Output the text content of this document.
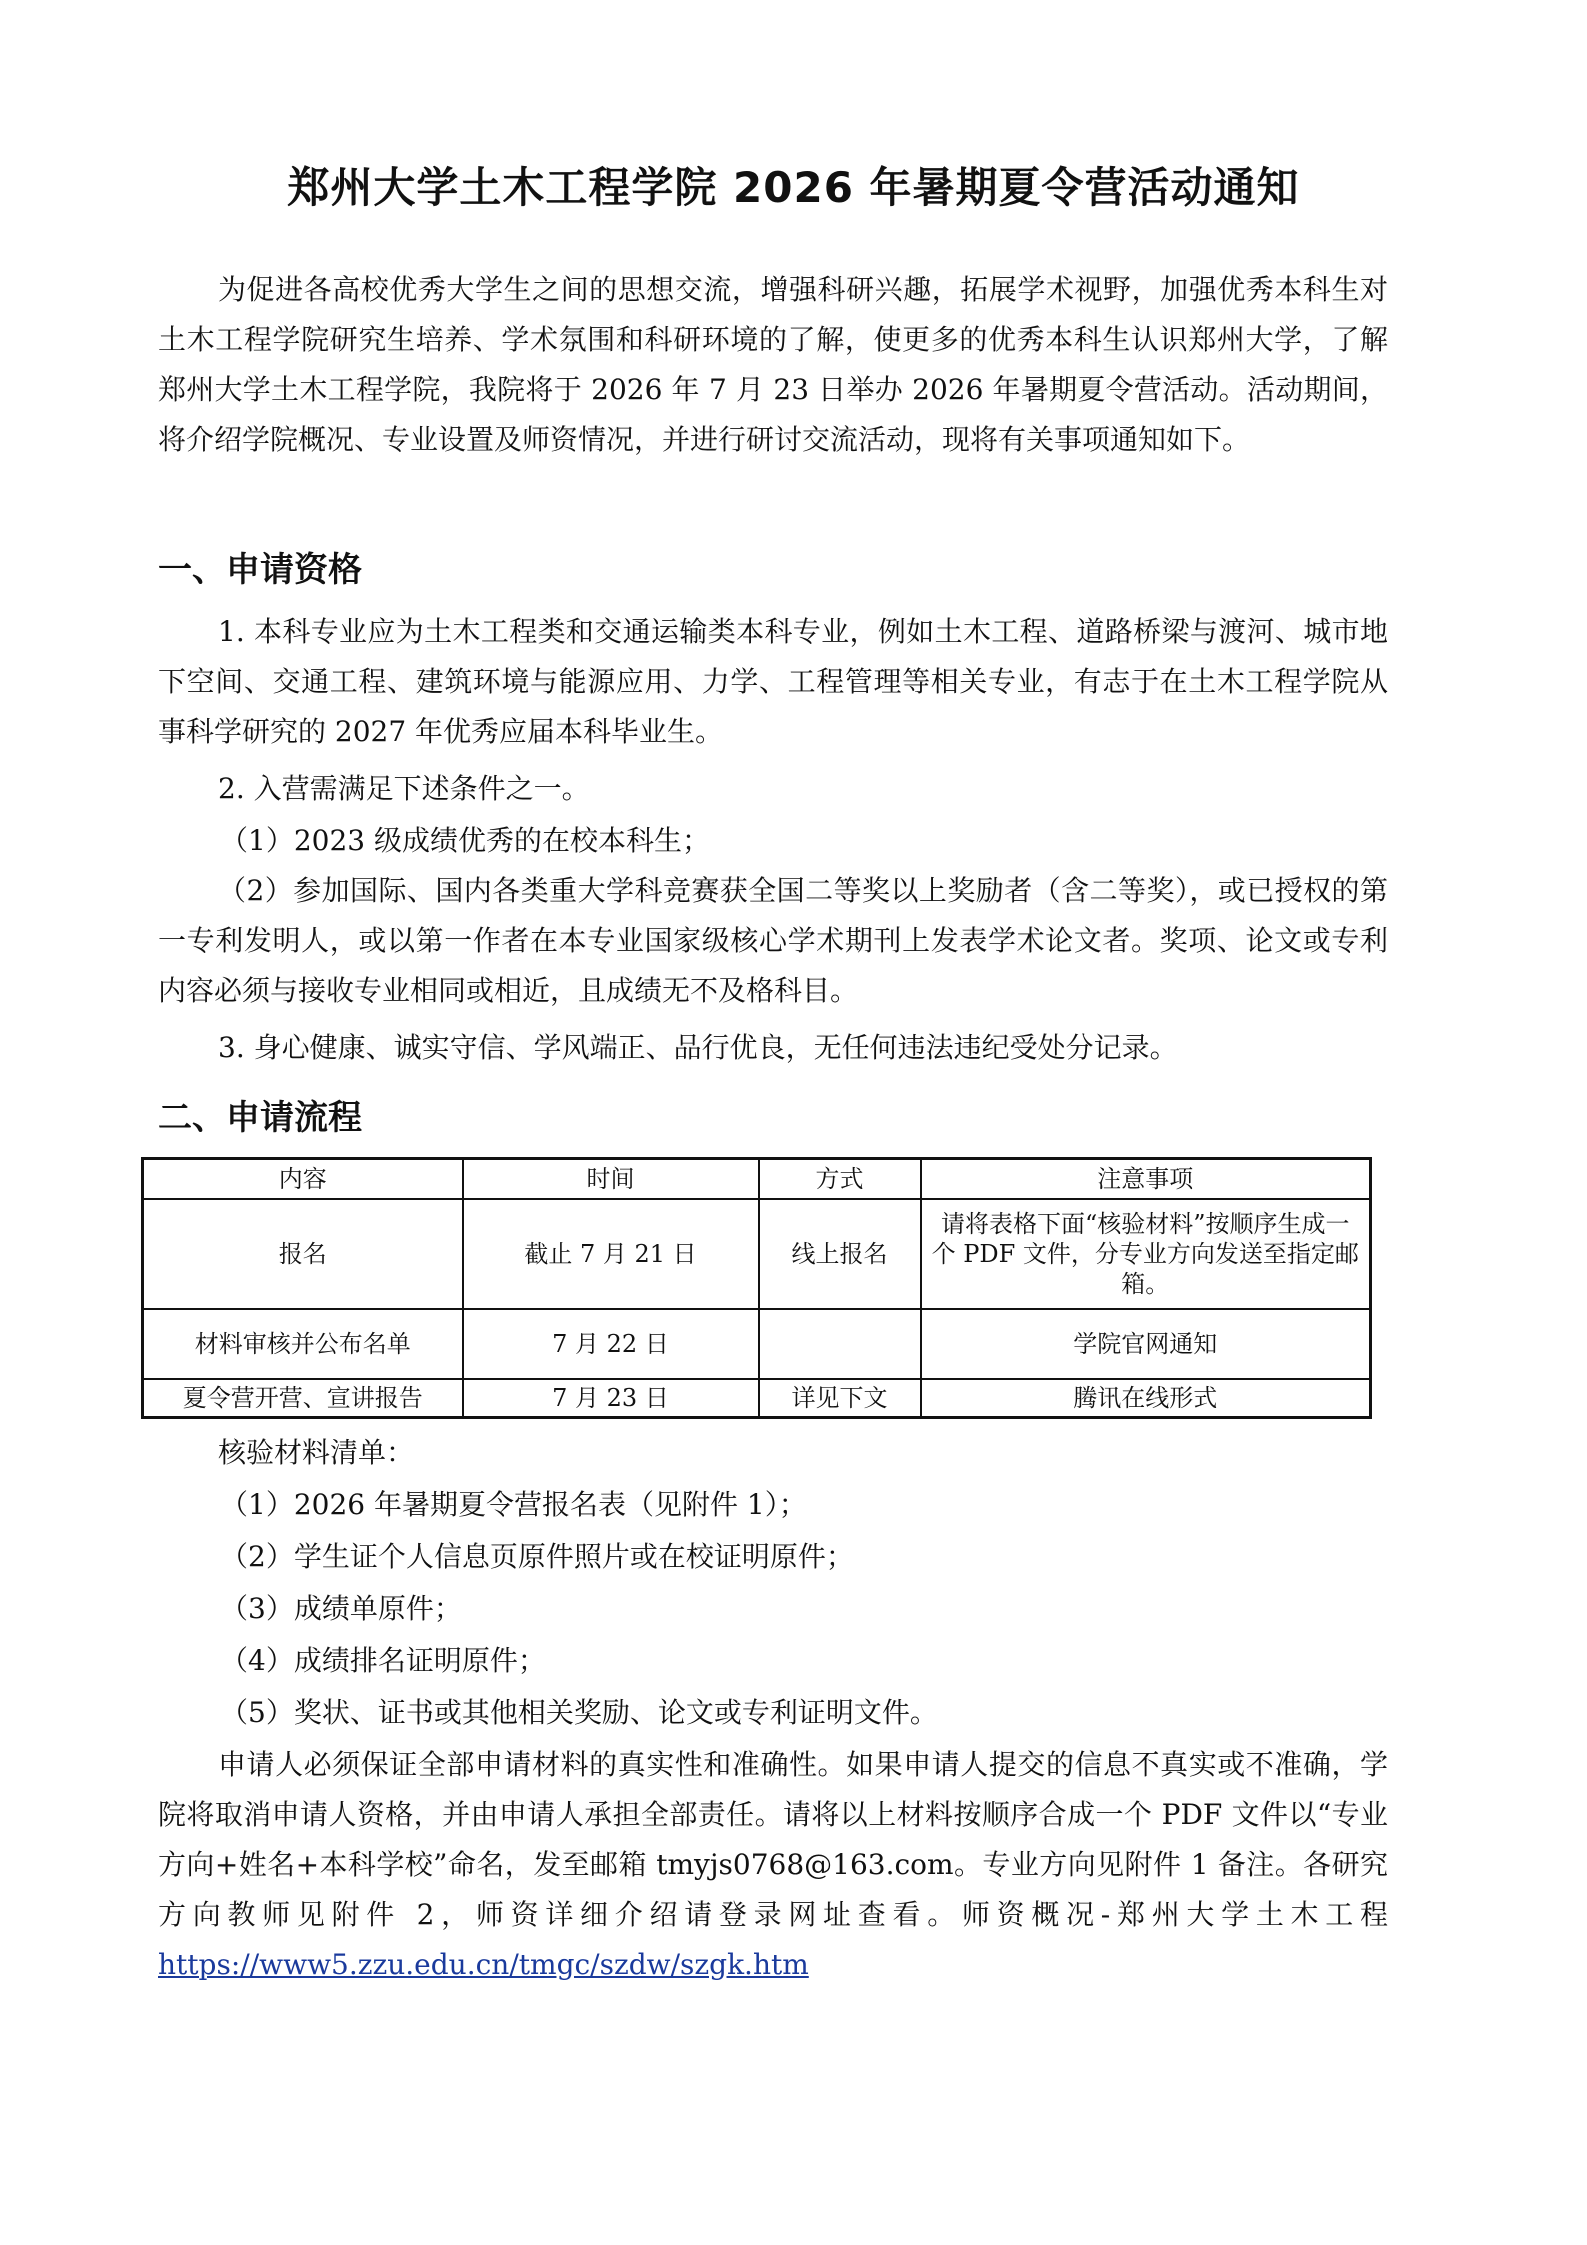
郑州大学土木工程学院 2026 年暑期夏令营活动通知

为促进各高校优秀大学生之间的思想交流，增强科研兴趣，拓展学术视野，加强优秀本科生对土木工程学院研究生培养、学术氛围和科研环境的了解，使更多的优秀本科生认识郑州大学，了解郑州大学土木工程学院，我院将于 2026 年 7 月 23 日举办 2026 年暑期夏令营活动。活动期间，将介绍学院概况、专业设置及师资情况，并进行研讨交流活动，现将有关事项通知如下。

一、申请资格

1. 本科专业应为土木工程类和交通运输类本科专业，例如土木工程、道路桥梁与渡河、城市地下空间、交通工程、建筑环境与能源应用、力学、工程管理等相关专业，有志于在土木工程学院从事科学研究的 2027 年优秀应届本科毕业生。

2. 入营需满足下述条件之一。
（1）2023 级成绩优秀的在校本科生；

（2）参加国际、国内各类重大学科竞赛获全国二等奖以上奖励者（含二等奖），或已授权的第一专利发明人，或以第一作者在本专业国家级核心学术期刊上发表学术论文者。奖项、论文或专利内容必须与接收专业相同或相近，且成绩无不及格科目。

3. 身心健康、诚实守信、学风端正、品行优良，无任何违法违纪受处分记录。
二、申请流程
内容	时间	方式	注意事项
报名	截止 7 月 21 日	线上报名	请将表格下面“核验材料”按顺序生成一个 PDF 文件，分专业方向发送至指定邮箱。
材料审核并公布名单	7 月 22 日		学院官网通知
夏令营开营、宣讲报告	7 月 23 日	详见下文	腾讯在线形式
核验材料清单：
（1）2026 年暑期夏令营报名表（见附件 1）；
（2）学生证个人信息页原件照片或在校证明原件；
（3）成绩单原件；
（4）成绩排名证明原件；
（5）奖状、证书或其他相关奖励、论文或专利证明文件。

申请人必须保证全部申请材料的真实性和准确性。如果申请人提交的信息不真实或不准确，学院将取消申请人资格，并由申请人承担全部责任。请将以上材料按顺序合成一个 PDF 文件以“专业方向+姓名+本科学校”命名，发至邮箱 tmyjs0768@163.com。专业方向见附件 1 备注。各研究方向教师见附件 2，师资详细介绍请登录网址查看。师资概况-郑州大学土木工程 https://www5.zzu.edu.cn/tmgc/szdw/szgk.htm
